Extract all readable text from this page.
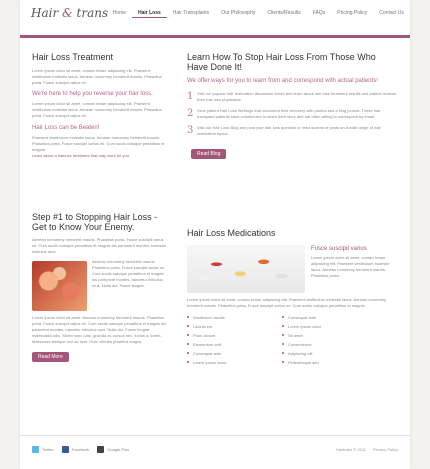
Hair & trans Home	Hair Loss	Hair Transplants	Our Philosophy	Clients/Results	FAQs	Pricing Policy	Contact Us
Hair Loss Treatment

Lorem ipsum dolor sit amet, consec tetuer adipiscing elit. Praesent vestibulum molestie lacus. Aenean nonummy hendrerit mauris. Phasellus porta. Fusce suscipit varius mi.

We're here to help you reverse your hair loss.

Lorem ipsum dolor sit amet, consec tetuer adipiscing elit. Praesent vestibulum molestie lacus. Aenean nonummy hendrerit mauris. Phasellus porta. Fusce suscipit varius mi.

Hair Loss can be Beaten!

Praesent vestibulum molestie lacus. Aenean nonummy hendrerit mauris. Phasellus porta. Fusce suscipit varius mi. Cum sociis natoque penatibus et magnis.

Learn about a hairloss treatment that may work for you.

Learn How To Stop Hair Loss From Those Who Have Done It!

We offer ways for you to learn from and correspond with actual patients!

1 Visit our popular hair restoration discussion forum and learn about hair loss treatment results and patient reviews from hair loss physicians.
2 View patient Hair Loss Weblogs that document their recovery with photos and a blog journal. These hair transplant patients have volunteered to share their story and are often willing to correspond by email.
3 Visit our Hair Loss Blog and post your hair loss question or read dozens of posts on a wide range of hair restoration topics.
Read Blog
Step #1 to Stopping Hair Loss - Get to Know Your Enemy.

Aenean nonummy hendrerit mauris. Phasellus porta. Fusce suscipit varius mi. Cum sociis natoque penatibus et magnis dis parturient montes, nascetur ridiculus mus.

Aenean nonummy hendrerit mauris. Phasellus porta. Fusce suscipit varius mi. Cum sociis natoque penatibus et magnis dis parturient montes, nascetur ridiculus mus. Nulla dui. Fusce feugiat

Lorem ipsum dolor sit amet. Aenean nonummy hendrerit mauris. Phasellus porta. Fusce suscipit varius mi. Cum sociis natoque penatibus et magnis dis parturient montes, nascetur ridiculus mus. Nulla dui. Fusce feugiat malesuada odio. Morbi nunc odio, gravida at, cursus nec, luctus a, lorem. Maecenas tristique orci ac sem. Duis ultricies pharetra magna.

Read More
Hair Loss Medications

Fusce suscipit varius

Lorem ipsum dolor sit amet, consec tetuer adipiscing elit. Praesent vestibulum molestie lacus. Aenean nonummy hendrerit mauris. Phasellus porta.

Lorem ipsum dolor sit amet, consec tetuer adipiscing elit. Praesent vestibulum molestie lacus. Aenean nonummy hendrerit mauris. Phasellus porta. Fusce suscipit varius mi. Cum sociis natoque penatibus et magnis.

Vestibulum iaculis
Lacinia est
Proin dictum
Elementum velit
Consequat ante
Lorem ipsum dolor
Consequat ante
Lorem ipsum dolor
Sit amet
Consectetuer
Adipiscing elit
Pellentesque sed
Twitter	Facebook	Google Plus	Hairtrans © 2011 Privacy Policy
